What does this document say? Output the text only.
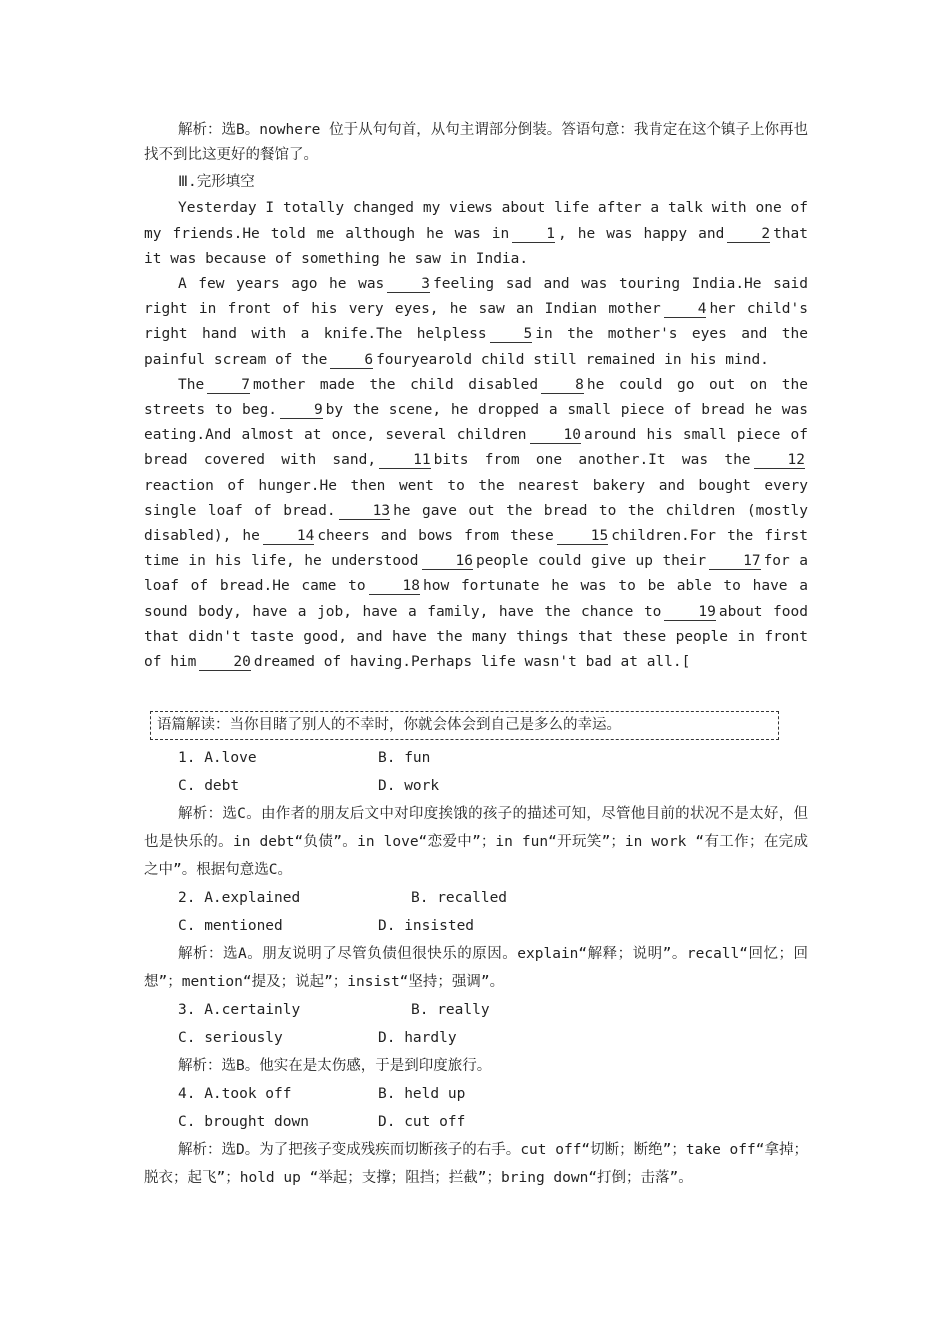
解析：选B。nowhere 位于从句句首，从句主谓部分倒装。答语句意：我肯定在这个镇子上你再也找不到比这更好的餐馆了。

Ⅲ.完形填空

Yesterday I totally changed my views about life after a talk with one of my friends.He told me although he was in	1 , he was happy and	2 that it was because of something he saw in India.

A few years ago he was	3 feeling sad and was touring India.He said right in front of his very eyes, he saw an Indian mother	4 her child's right hand with a knife.The helpless	5 in the mother's eyes and the painful scream of the	6 fouryearold child still remained in his mind.

The	7 mother made the child disabled	8 he could go out on the streets to beg.	9 by the scene, he dropped a small piece of bread he was eating.And almost at once, several children	10 around his small piece of bread covered with sand,	11 bits from one another.It was the	12reaction of hunger.He then went to the nearest bakery and bought every single loaf of bread.	13 he gave out the bread to the children (mostly disabled), he	14 cheers and bows from these	15 children.For the first time in his life, he understood	16 people could give up their	17 for a loaf of bread.He came to	18 how fortunate he was to be able to have a sound body, have a job, have a family, have the chance to	19 about food that didn't taste good, and have the many things that these people in front of him	20 dreamed of having.Perhaps life wasn't bad at all.[

语篇解读：当你目睹了别人的不幸时，你就会体会到自己是多么的幸运。
1. A.love	B. fun
C. debt	D. work

解析：选C。由作者的朋友后文中对印度挨饿的孩子的描述可知，尽管他目前的状况不是太好，但也是快乐的。in debt“负债”。in love“恋爱中”；in fun“开玩笑”；in work “有工作；在完成之中”。根据句意选C。

2. A.explained	B. recalled
C. mentioned	D. insisted

解析：选A。朋友说明了尽管负债但很快乐的原因。explain“解释；说明”。recall“回忆；回想”；mention“提及；说起”；insist“坚持；强调”。

3. A.certainly	B. really
C. seriously	D. hardly

解析：选B。他实在是太伤感，于是到印度旅行。

4. A.took off	B. held up
C. brought down	D. cut off

解析：选D。为了把孩子变成残疾而切断孩子的右手。cut off“切断；断绝”；take off“拿掉；脱衣；起飞”；hold up “举起；支撑；阻挡；拦截”；bring down“打倒；击落”。
